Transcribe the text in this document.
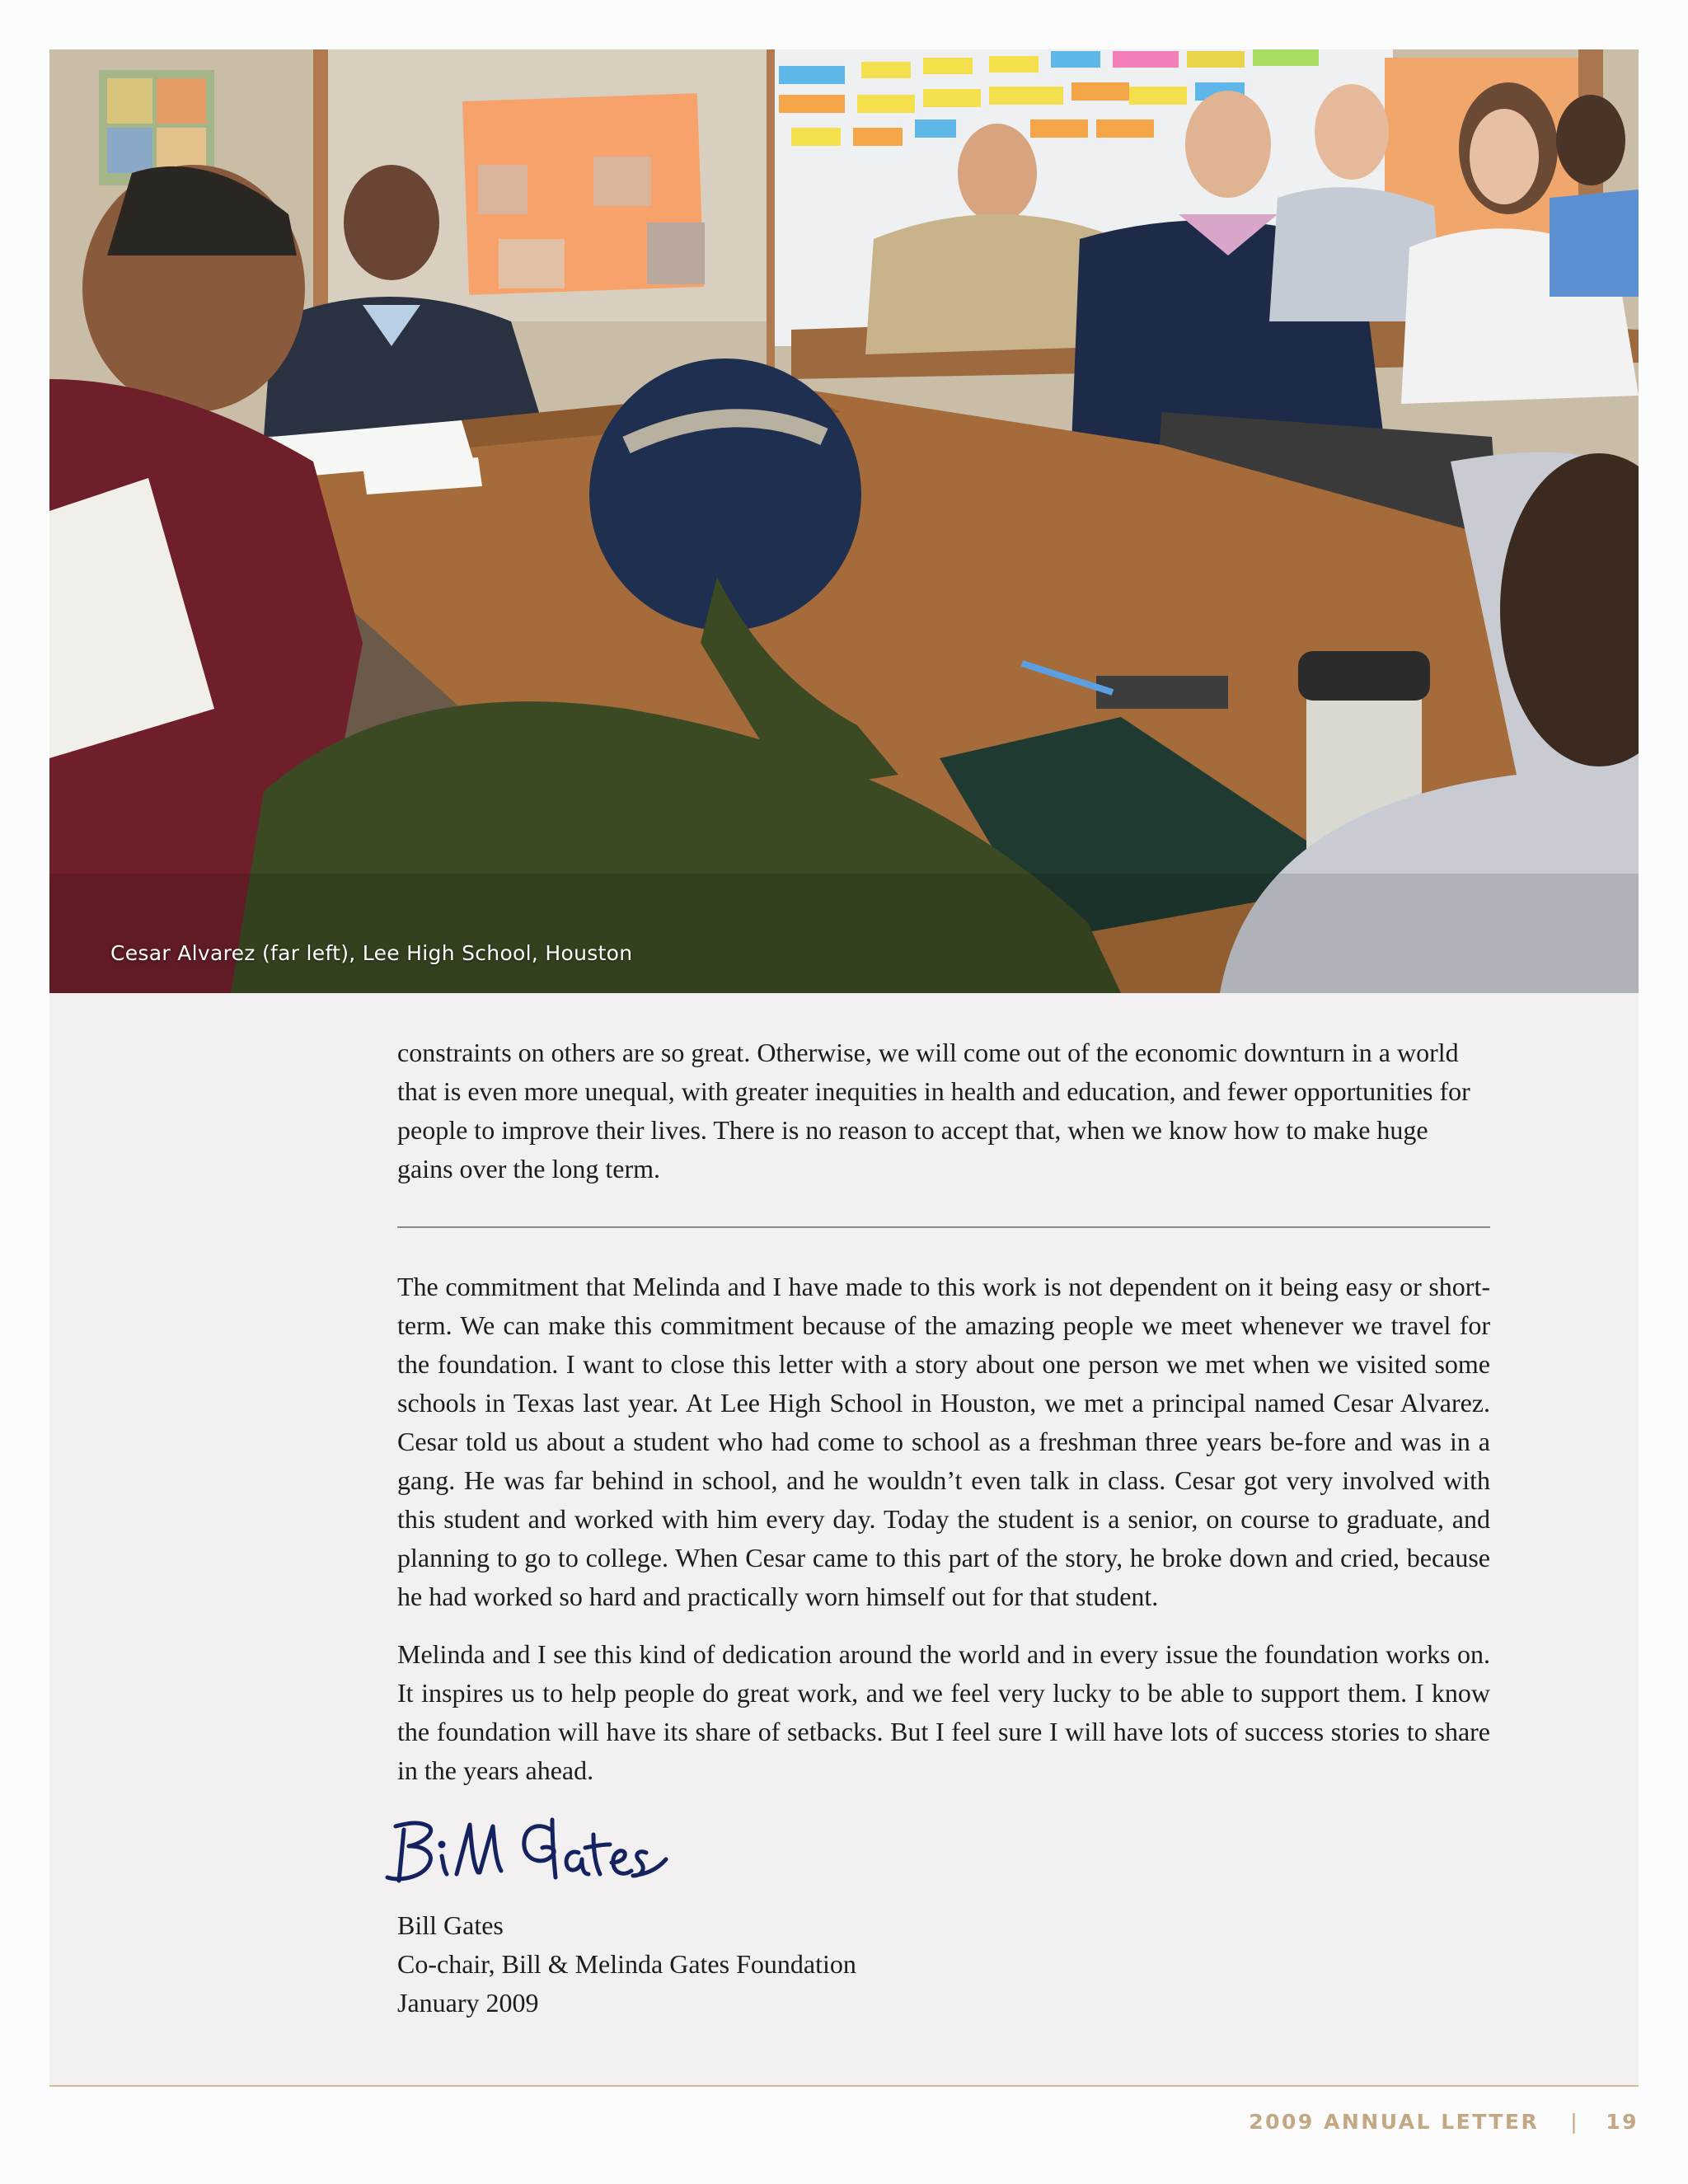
Cesar Alvarez (far left), Lee High School, Houston

constraints on others are so great. Otherwise, we will come out of the economic downturn in a world that is even more unequal, with greater inequities in health and education, and fewer opportunities for people to improve their lives. There is no reason to accept that, when we know how to make huge gains over the long term.

The commitment that Melinda and I have made to this work is not dependent on it being easy or short-term. We can make this commitment because of the amazing people we meet whenever we travel for the foundation. I want to close this letter with a story about one person we met when we visited some schools in Texas last year. At Lee High School in Houston, we met a principal named Cesar Alvarez. Cesar told us about a student who had come to school as a freshman three years be-fore and was in a gang. He was far behind in school, and he wouldn’t even talk in class. Cesar got very involved with this student and worked with him every day. Today the student is a senior, on course to graduate, and planning to go to college. When Cesar came to this part of the story, he broke down and cried, because he had worked so hard and practically worn himself out for that student.

Melinda and I see this kind of dedication around the world and in every issue the foundation works on. It inspires us to help people do great work, and we feel very lucky to be able to support them. I know the foundation will have its share of setbacks. But I feel sure I will have lots of success stories to share in the years ahead.

Bill Gates
Co-chair, Bill & Melinda Gates Foundation
January 2009
2009 ANNUAL LETTER | 19
